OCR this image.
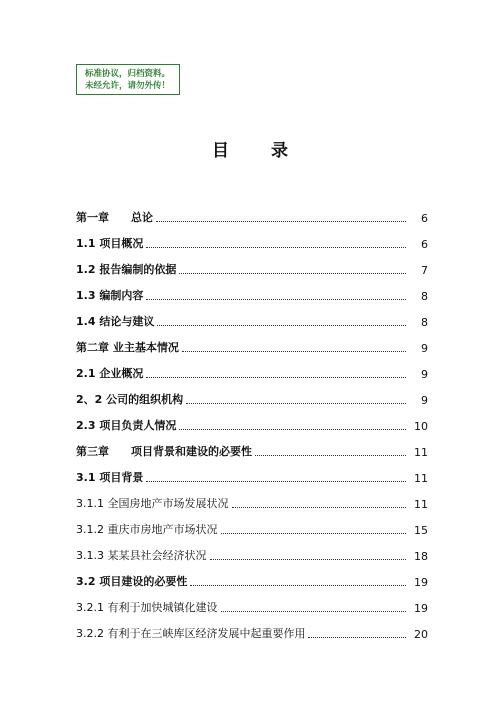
标准协议，归档资料。
未经允许，请勿外传！
目 录
第一章　　总论	6
1.1 项目概况	6
1.2 报告编制的依据	7
1.3 编制内容	8
1.4 结论与建议	8
第二章 业主基本情况	9
2.1 企业概况	9
2、2 公司的组织机构	9
2.3 项目负责人情况	10
第三章　　项目背景和建设的必要性	11
3.1 项目背景	11
3.1.1 全国房地产市场发展状况	11
3.1.2 重庆市房地产市场状况	15
3.1.3 某某县社会经济状况	18
3.2 项目建设的必要性	19
3.2.1 有利于加快城镇化建设	19
3.2.2 有利于在三峡库区经济发展中起重要作用	20
